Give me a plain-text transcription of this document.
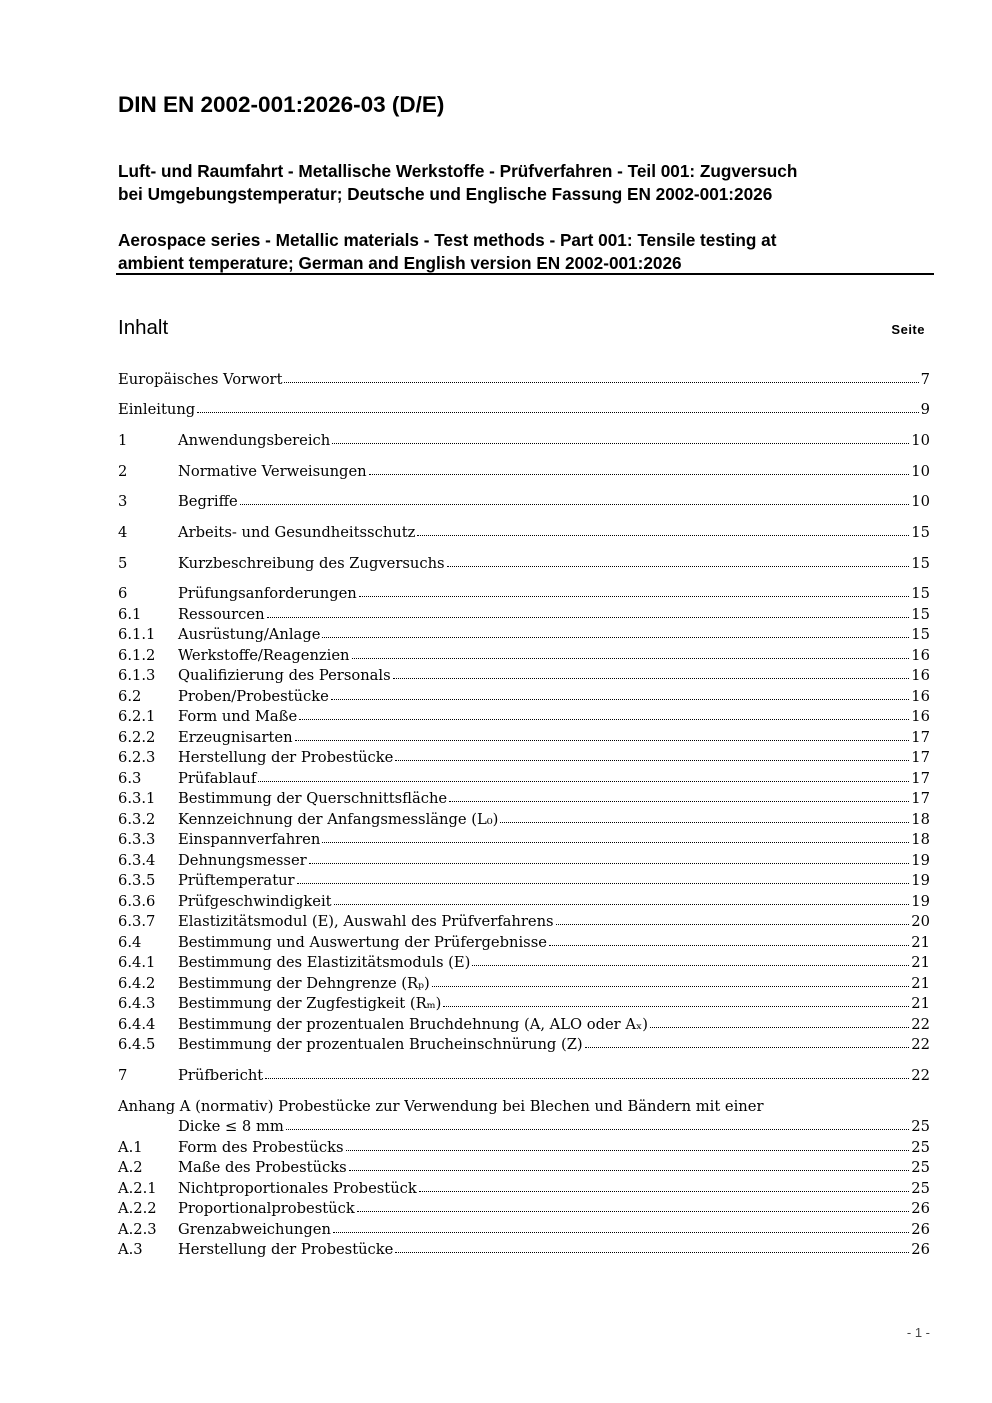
DIN EN 2002-001:2026-03 (D/E)
Luft- und Raumfahrt - Metallische Werkstoffe - Prüfverfahren - Teil 001: Zugversuch
bei Umgebungstemperatur; Deutsche und Englische Fassung EN 2002-001:2026
Aerospace series - Metallic materials - Test methods - Part 001: Tensile testing at
ambient temperature; German and English version EN 2002-001:2026
Inhalt	Seite
Europäisches Vorwort	7
Einleitung	9
1	Anwendungsbereich	10
2	Normative Verweisungen	10
3	Begriffe	10
4	Arbeits- und Gesundheitsschutz	15
5	Kurzbeschreibung des Zugversuchs	15
6	Prüfungsanforderungen	15
6.1	Ressourcen	15
6.1.1	Ausrüstung/Anlage	15
6.1.2	Werkstoffe/Reagenzien	16
6.1.3	Qualifizierung des Personals	16
6.2	Proben/Probestücke	16
6.2.1	Form und Maße	16
6.2.2	Erzeugnisarten	17
6.2.3	Herstellung der Probestücke	17
6.3	Prüfablauf	17
6.3.1	Bestimmung der Querschnittsfläche	17
6.3.2	Kennzeichnung der Anfangsmesslänge (L₀)	18
6.3.3	Einspannverfahren	18
6.3.4	Dehnungsmesser	19
6.3.5	Prüftemperatur	19
6.3.6	Prüfgeschwindigkeit	19
6.3.7	Elastizitätsmodul (E), Auswahl des Prüfverfahrens	20
6.4	Bestimmung und Auswertung der Prüfergebnisse	21
6.4.1	Bestimmung des Elastizitätsmoduls (E)	21
6.4.2	Bestimmung der Dehngrenze (Rₚ)	21
6.4.3	Bestimmung der Zugfestigkeit (Rₘ)	21
6.4.4	Bestimmung der prozentualen Bruchdehnung (A, ALO oder Aₓ)	22
6.4.5	Bestimmung der prozentualen Brucheinschnürung (Z)	22
7	Prüfbericht	22
Anhang A (normativ) Probestücke zur Verwendung bei Blechen und Bändern mit einer
Dicke ≤ 8 mm	25
A.1	Form des Probestücks	25
A.2	Maße des Probestücks	25
A.2.1	Nichtproportionales Probestück	25
A.2.2	Proportionalprobestück	26
A.2.3	Grenzabweichungen	26
A.3	Herstellung der Probestücke	26
- 1 -
